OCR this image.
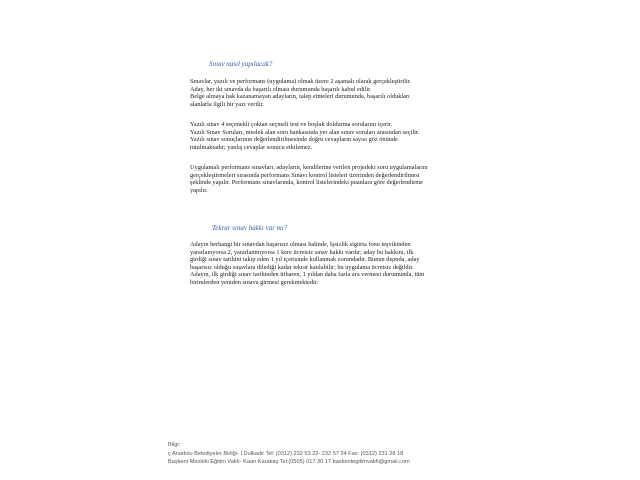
Sınav nasıl yapılacak?
Sınavlar, yazılı ve performans (uygulama) olmak üzere 2 aşamalı olarak gerçekleştirilir.
Aday, her iki sınavda da başarılı olması durumunda başarılı kabul edilir.
Belge almaya hak kazanamayan adayların, talep etmeleri durumunda, başarılı oldukları
alanlarla ilgili bir yazı verilir.
Yazılı sınav 4 seçenekli çoktan seçmeli test ve boşluk doldurma sorularını içerir.
Yazılı Sınav Soruları, meslek alan soru bankasında yer alan sınav soruları arasından seçilir.
Yazılı sınav sonuçlarının değerlendirilmesinde doğru cevapların sayısı göz önünde
tutulmaktadır; yanlış cevaplar sonucu etkilemez.
Uygulamalı performans sınavları, adayların, kendilerine verilen projedeki soru uygulamalarını
gerçekleştirmeleri sırasında performans Sınavı kontrol listeleri üzerinden değerlendirilmesi
şeklinde yapılır. Performans sınavlarında, kontrol listelerindeki puanlara göre değerlendirme
yapılır.
Tekrar sınav hakkı var mı?
Adayın herhangi bir sınavdan başarısız olması halinde, İşsizlik sigorta fonu teşvikinden
yararlanıyorsa 2, yararlanmıyorsa 1 kere ücretsiz sınav hakkı vardır; aday bu hakkını, ilk
girdiği sınav tarihini takip eden 1 yıl içerisinde kullanmak zorundadır. Bunun dışında, aday
başarısız olduğu sınavlara dilediği kadar tekrar katılabilir; bu uygulama ücretsiz değildir.
Adayın, ilk girdiği sınav tarihinden itibaren, 1 yıldan daha fazla ara vermesi durumunda, tüm
birimlerden yeniden sınava girmesi gerekmektedir.
Bilgi:
ç Anadolu Belediyeler Birliği- İ.Dulkadir Tel: (0312) 232 53 22- 232 57 24 Fax: (0312) 231 28 18
Başkent Mesleki Eğitim Vakfı- Kaan Karakaş Tel:(0505) 017 30 17 baskentegitimvakfi@gmail.com
